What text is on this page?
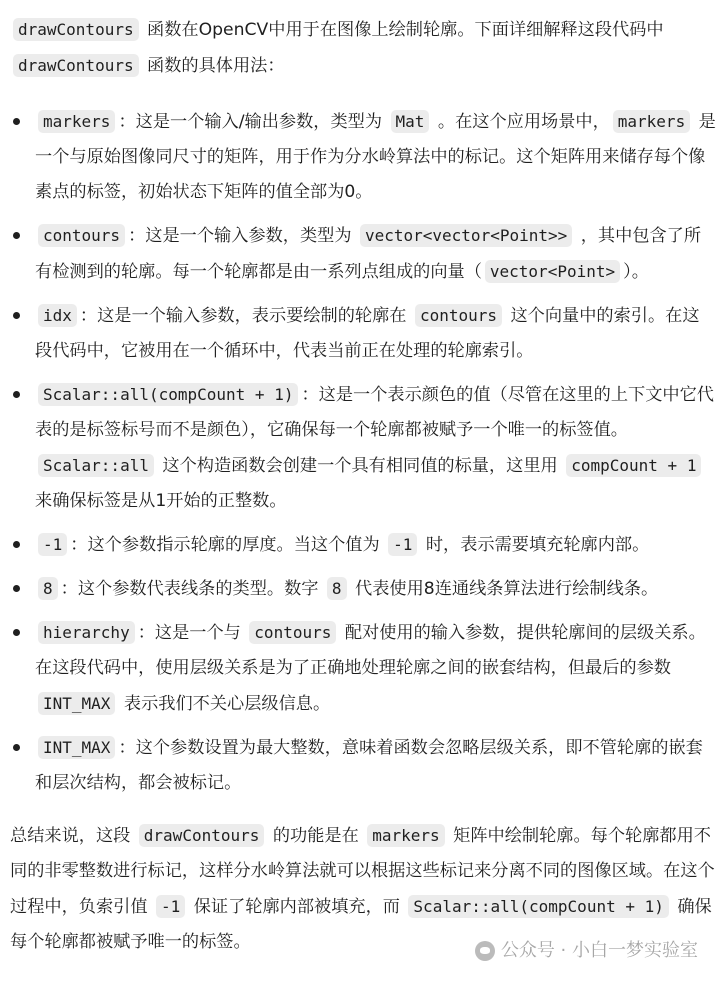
drawContours 函数在OpenCV中用于在图像上绘制轮廓。下面详细解释这段代码中 drawContours 函数的具体用法：

markers ：这是一个输入/输出参数，类型为 Mat 。在这个应用场景中， markers 是一个与原始图像同尺寸的矩阵，用于作为分水岭算法中的标记。这个矩阵用来储存每个像素点的标签，初始状态下矩阵的值全部为0。
contours ：这是一个输入参数，类型为 vector<vector<Point>> ，其中包含了所有检测到的轮廓。每一个轮廓都是由一系列点组成的向量（ vector<Point> ）。
idx ：这是一个输入参数，表示要绘制的轮廓在 contours 这个向量中的索引。在这段代码中，它被用在一个循环中，代表当前正在处理的轮廓索引。
Scalar::all(compCount + 1) ：这是一个表示颜色的值（尽管在这里的上下文中它代表的是标签标号而不是颜色），它确保每一个轮廓都被赋予一个唯一的标签值。Scalar::all 这个构造函数会创建一个具有相同值的标量，这里用 compCount + 1 来确保标签是从1开始的正整数。
-1 ：这个参数指示轮廓的厚度。当这个值为 -1 时，表示需要填充轮廓内部。
8 ：这个参数代表线条的类型。数字 8 代表使用8连通线条算法进行绘制线条。
hierarchy ：这是一个与 contours 配对使用的输入参数，提供轮廓间的层级关系。在这段代码中，使用层级关系是为了正确地处理轮廓之间的嵌套结构，但最后的参数 INT_MAX 表示我们不关心层级信息。
INT_MAX ：这个参数设置为最大整数，意味着函数会忽略层级关系，即不管轮廓的嵌套和层次结构，都会被标记。

总结来说，这段 drawContours 的功能是在 markers 矩阵中绘制轮廓。每个轮廓都用不同的非零整数进行标记，这样分水岭算法就可以根据这些标记来分离不同的图像区域。在这个过程中，负索引值 -1 保证了轮廓内部被填充，而 Scalar::all(compCount + 1) 确保每个轮廓都被赋予唯一的标签。	公众号 · 小白一梦实验室
